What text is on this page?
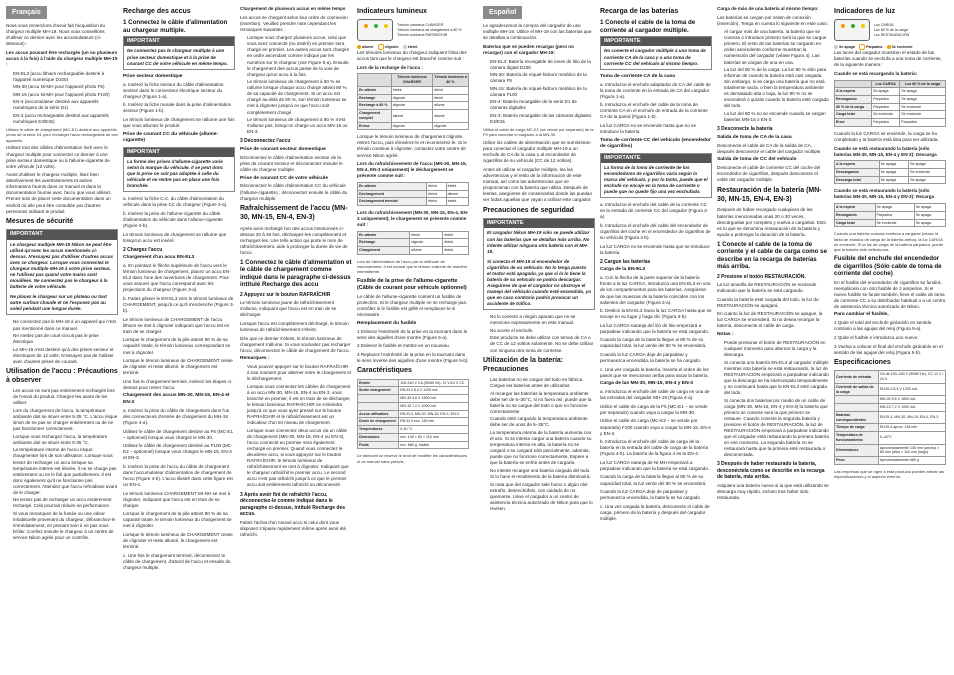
Français

Nous vous remercions d'avoir fait l'acquisition du chargeur multiple MH-19. Nous vous conseillons d'utiliser ce dernier avec les accumulateurs (ci-dessous) :

Les accus pouvant être rechargés (un ou plusieurs accus à la fois) à l'aide du chargeur multiple MH-19 :

• EN-EL3 (accu lithium rechargeable destiné à l'appareil numérique D100)
• MN-30 (accu Ni-MH pour l'appareil photo F5)
• MN-15 (accu Ni-MH pour l'appareil photo F100)
• EN-4 (accumulateur destiné aux appareils numériques de la série D1)
• EN-3 (accu rechargeable destiné aux appareils numériques E3/E3s)

Utilisez le câble de chargement (MC-E1) destiné aux appareils photo de la série D1 pour recharger l'accu rechargeable de ces appareils.

Utilisez tout des câbles d'alimentation livré avec le chargeur multiple pour connecter ce dernier à une prise secteur domestique ou à l'allume-cigarette de votre véhicule (12 volts).

Avant d'utiliser le chargeur multiple, lisez bien attentivement les avertissements et autres informations fournis dans ce manuel et dans la documentation fournie avec l'accu que vous utilisez. Prenez soin de placer cette documentation dans un endroit où elle peut être consultée par d'autres personnes utilisant le produit.

Mesures de sécurité
IMPORTANT
Le chargeur multiple MH-19 Nikon ne peut être utilisé qu'avec les accus mentionnés ci-dessus. N'essayez pas d'utiliser d'autres accus avec ce chargeur. Lorsque vous connectez le chargeur multiple MH-19 à votre prise secteur, ne l'utilisez pas quand votre mains sont mouillées. Ne connectez pas le chargeur à la batterie de votre véhicule.
Ne placez le chargeur sur un plateau ou tout autre surface chaude et ne l'exposez pas au soleil pendant une longue durée.
• Ne connectez pas le MH-19 à un appareil qui n'est pas mentionné dans ce manuel.
• Ne mettez pas de court-circuit pas le prise électrique.
• Le MH-19 n'est destiné qu'à des prises secteur et électriques de 12 volts. N'essayez pas de l'utiliser avec d'autres prises de courant.
Utilisation de l'accu : Précautions à observer
• Les accus ne sont pas entièrement rechargés lors de l'envoi du produit. Chargez-les avant de les utiliser.
• Lors du chargement de l'accu, la température ambiante doit se situer entre 5-35 °C. L'accu risque sinon de ne pas se charger entièrement ou de ne pas fonctionner correctement.
• Lorsque vous rechargez l'accu, la température ambiante doit se situer entre 5-35 °C.
• La température interne de l'accu risque d'augmenter lors de son utilisation. Lorsque vous tentez de recharger un accu lorsque sa température interne est élevée, il ne se charge pas entièrement ou ne le fait que partiellement. Il est donc également qu'il ne fonctionne pas correctement. Attendez que l'accu refroidisse avant de le charger.
• Ne tentez pas de recharger un accu entièrement rechargé. Cela pourrait réduire sa performance.
• Si vous remarquez de la fumée ou une odeur inhabituelle provenant du chargeur, débranchez-le immédiatement, en prenant soin à ne pas vous brûler. Confiez ensuite le chargeur à un centre de service Nikon agréé pour un contrôle.
Recharge des accus
1 Connectez le câble d'alimentation au chargeur multiple.
IMPORTANT
Ne connectez pas le chargeur multiple à une prise secteur domestique et à la prise de courant CC de votre véhicule en même temps.
Prise secteur domestique

a. Insérez la fiche secteur du câble d'alimentation secteur dans le connecteur électrique secteur du chargeur (Figure 1-a).

b. Insérez la fiche murale dans la prise d'alimentation secteur (Figure 1-b).

Le témoin lumineux de chargement se rallume une fois que vous allumez le produit.

Prise de courant CC du véhicule (allume-cigarette)
IMPORTANT
La forme des prises d'allume-cigarette varie selon la marque du véhicule. Il se peut donc que la prise ne soit pas adaptée à celle du véhicule et ne rentre pas en place une fois branchée.

a. Insérez la fiche C.C. du câble d'alimentation du véhicule dans la prise CC du chargeur (Figure 2-a).

b. Insérez la prise de l'allume-cigarette du câble d'alimentation du véhicule dans l'allume-cigarette (Figure 2-b).

Le témoin lumineux de chargement se rallume que lorsqu'un accu est inséré.

2 Chargez l'accu
Chargement d'un accu EN-EL3

a. En pointant le flèche supérieure de l'accu vers le témoin lumineux de chargement, placez un accu EN-EL3 dans l'une des ouvertures de chargement. Pour vous assurer que l'accu correspond avec les projections du chargeur (Figure 3-a).

b. Faites glisser le EN-EL3 vers le témoin lumineux de CHARGEMENT, jusqu'à ce qu'il s'enclenche (Figure 3-b).

Le témoin lumineux de CHARGEMENT de l'accu lithium se met à clignoter indiquant que l'accu est en train de se charger.

Lorsque le chargement de la pile atteint 80 % de sa capacité totale, le témoin lumineux correspondant se met à clignoter.

Lorsque le témoin lumineux de CHARGEMENT cesse de clignoter et reste allumé, le chargement est terminé.

Une fois le chargement terminé, insérez les étapes ci-dessus pour retirer l'accu.

Chargement des accus MN-30, MN-15, EN-4 et EN-3

a. Insérez la prise du câble de chargement dans l'un des connecteurs d'entrée de chargement du MH-19 (Figure 4-a).

Utilisez le câble de chargement destiné au F5 (MC-E1 – optionnel) lorsque vous chargez le MN-30.

Utilisez le câble de chargement destiné au F100 (MC-E2 – optionnel) lorsque vous chargez le MN-15, EN-4 et EN-3.

b. Insérez la prise de l'accu du câble de chargement dans l'accumulateur d'alimentation de chargement de l'accu (Figure 4-b). L'accu illustré dans cette figure est un EN-4.

Le témoin lumineux CHARGEMENT MI-NH se met à clignoter, indiquant que l'accu est en train de se charger.

Lorsque le chargement de la pile atteint 80 % de sa capacité totale, le témoin lumineux du chargement se met à clignoter.

Lorsque le témoin lumineux de CHARGEMENT cesse de clignoter et reste allumé, le chargement est terminé.

c. Une fois le chargement terminé, déconnectez le câble de chargement, d'abord de l'accu et ensuite du chargeur multiple.

Chargement de plusieurs accus en même temps

Les accus se chargent selon leur ordre de connexion (insertion). Veuillez prendre note cependant les remarques suivantes :

• Lorsque vous chargez plusieurs accus, celui que vous avez connecté (ou inséré) en premier sera chargé en premier. Les autres accus sont chargés en ordre ascendant comme indiqué par les numéros sur le chargeur (voir Figure 5-a). Ensuite, le chargement des accus passe de la voie de chargeur qu'un accu à la fois.
• Le témoin lumineux de chargement à 80 % se rallume lorsque chaque accu chargé atteint 80 % de sa capacité de chargement. Si un accu est chargé au-delà de 80 %, son témoin lumineux se met à clignoter jusqu'à ce que l'accu soit complètement chargé.
• Le témoin lumineux de chargement à 80 % n'est s'allume pas, lorsqu'on charge un accu MN-15 ou EN-3.
3 Déconnectez l'accu
Prise de courant secteur domestique

Déconnectez le câble d'alimentation secteur de la prise de courant secteur et déconnectez ensuite le câble du chargeur multiple.

Prise de courant CC de votre véhicule

Déconnectez le câble d'alimentation CC du véhicule (l'allume-cigarette) ; déconnectez ensuite le câble du chargeur multiple.

Rafraîchissement de l'accu (MN-30, MN-15, EN-4, EN-3)

Après avoir rechargé l'un des accus mentionnés ci-dessus 20 à 30 fois, déchargez-les complètement et rechargez-les. Une telle action qui porte le nom de rafraîchissement, aide à prolonger la durée de vie de l'accu.

1 Connectez le câble d'alimentation et le câble de chargement comme indiqué dans le paragraphe ci-dessus intitulé Recharge des accu
2 Appuyez sur le bouton RAFRAÎCHIR

Le témoin lumineux jaune de rafraîchissement s'allume, indiquant que l'accu est en train de se décharger.

Lorsque l'accu est complètement déchargé, le témoin lumineux de rafraîchissement s'éteint.

Dès que ce dernier s'éteint, le témoin lumineux de chargement s'allume. Si vous souhaitez pas recharger l'accu, déconnectez le câble de chargement de l'accu.

Remarques :
• Vous pouvez appuyer sur le bouton RAFRAÎCHIR à tout moment pour alterner entre le chargement et le déchargement.
• Lorsque vous connectez les câbles de chargement à un accu MN-30, MN-15, EN-4 ou EN-3, vous branché en premier, il est en train de se décharger, le témoin lumineux RAFRAÎCHIR ne s'éteindra jusqu'à ce que vous ayez pressé sur le bouton RAFRAÎCHIR et le rafraîchissement est un indicateur d'un tel niveau de chargement.
• Lorsque vous connectez deux accus via un câble de chargement (MN-30, MN-15, EN-4 ou EN-3), l'accu connecté en premier sera également rechargé en premier. Quand vous connectez le deuxième accu, si vous appuyez sur le bouton RAFRAÎCHIR, le témoin lumineux de rafraîchissement se met à clignoter. Indiquant que le chargeur rafraîchit le premier accu. Le second accu n'est pas rafraîchi jusqu'à ce que le premier accu soit entièrement rafraîchi ou déconnecté.
3 Après avoir fini de rafraîchir l'accu, déconnectez-le comme indiqué dans le paragraphe ci-dessus, intitulé Recharge des accus.

Faites l'achat d'un nouvel accu si celui dont vous disposez s'épuise rapidement même après avoir été rafraîchi.

Indicateurs lumineux
Témoin lumineux CHARGER
Témoin lumineux de chargement à 80 %
Témoin lumineux RAFRAÎCHIR
allumé	clignote	éteint

Les témoins lumineux du chargeur indiquent l'état des accus tant que le chargeur est branché comme suit :

Lors de la recharge de l'accu :

	Témoin lumineux CHARGER	Témoin lumineux à 80 %
En attente	éteint	éteint
Recharge	clignote	éteint
Recharge à 80 %	clignote	allumé
Chargement complet	allumé	allumé
Erreur	clignote	clignote

Lorsque le témoin lumineux de chargement clignote, retirez l'accu, puis réinsérez-le et reconnectez-le. Si le témoin continue à clignoter, contactez votre centre de service Nikon agréé.

Lors du rafraîchissement de l'accu (MN-30, MN-15, EN-4, EN-3 uniquement) le déchargement se présente comme suit :

En attente	éteint	éteint
Déchargement	éteint	allumé
Déchargement terminé	éteint	éteint

Lors du rafraîchissement (MN-30, MN-15, EN-4, EN-3 uniquement), le chargement se présente comme suit :

En attente	éteint	éteint
Recharge	clignote	éteint
Chargement	allumé	éteint

Lors de l'alimentation de l'accu par la méthode de raccordement, il est normal que le témoin s'allume de manière intermittente.

Fusible de la prise de l'allume-cigarette (Câble de courant pour véhicule optionnel)

Le câble de l'allume-cigarette contient un fusible de protection. Si le chargeur multiple ne se recharge pas, contrôlez si le fusible est grillé et remplacez-le si nécessaire.

Remplacement du fusible

1 Enlevez l'extrémité de la prise en la tournant dans le sens des aiguilles d'une montre (Figure 5-a).

2 Enlevez le fusible et mettez-en un nouveau.

3 Replacez l'extrémité de la prise en la tournant dans le sens inverse des aiguilles d'une montre (Figure 5-b).

Caractéristiques
Entrée	100-240 V CA (50/60 Hz), 12 V/24 V CC
Sortie chargement	EN-EL3 8,4 V 1200 mA
	MN-30 9,6 V 1800 mA
	MN-15 7,2 V 1000 mA
Accus utilisables	EN-EL3, MN-30, MN-15, EN-4, EN-3
Durée de chargement	EN-EL3 env. 135 min
Températures	0-40 °C
Dimensions	env. 145 × 83 × 116 mm
Poids	env. 680 g, fusible

Le fabricant se réserve le droit de modifier les caractéristiques et ce manuel sans préavis.

Español

Le agradecemos la compra del cargador de uso múltiple MH-19. Utilice el MH-19 con las baterías que se detallan a continuación.

Baterías que se pueden recargar (pero no recargar) con el cargador MH-19:

• EN-EL3: Batería recargable de iones de litio de la cámara digital D100
• MN-30: Batería de níquel-hidruro metálico de la cámara F5
• MN-15: Batería de níquel-hidruro metálico de la cámara F100
• EN-4: Batería recargable de la serie D1 de cámaras digitales
• EN-3: Batería recargable de las cámaras digitales E3/E3s

Utilice el cable de carga MC-E1 (se vende por separado) de la F5 para conectar el cargador a la MN-30.

Utilice los cables de alimentación que se suministran para conectar el cargador múltiple MH-19 a un enchufe de CA de la casa o al encendedor de cigarrillos de su vehículo (CC de 12 voltios).

Antes de utilizar el cargador múltiple, lea las advertencias y el resto de la información de este manual, así como las advertencias que se proporcionan con la batería que utiliza. Después de leerlas, asegúrese de conservarlas donde las puedan ver todas aquellas que vayan a utilizar este cargador.

Precauciones de seguridad
IMPORTANTE
El cargador Nikon MH-19 sólo se puede utilizar con las baterías que se detallan más arriba. No intente utilizar ninguna otra batería con el MH-19.
Si conecta el MH-19 al encendedor de cigarrillos de su vehículo: No lo tenga puesto el motor está apagado, ya que si la lo tiene la batería de su vehículo se podría descargar. Asegúrese de que el cargador no obstruye el manejo del vehículo cuando esté encendido, ya que en caso contrario podría provocar un accidente de tráfico.
• No lo conecte a ningún aparato que no se mencione expresamente en este manual.
• No acorte el enchufe.
• Este producto se debe utilizar con tomas de CA o de CC de 12 voltios solamente. No se debe utilizar con ninguna otra toma de corriente.
Utilización de la batería: Precauciones
• Las baterías no se cargan del todo en fábrica. Cargue las baterías antes de utilizarlas.
• Al recargar las baterías la temperatura ambiente debe ser de 5–35°C, si no fuera así, puede que la batería no se cargue del todo o que no funcione correctamente.
• Cuando esté cargando la temperatura ambiente debe ser de unos de 5–35°C.
• La temperatura interna de la batería aumenta con el uso. Si se intenta cargar una batería cuando su temperatura interna es alta, la batería no se cargará o se cargará sólo parcialmente, además, puede que no funcione correctamente. Espere a que la batería se enfríe antes de cargarla.
• No intente recargar una batería cargada del todo. Si lo hace el rendimiento de la batería disminuirá.
• Si nota que del cargador sale humo o algún olor extraño, desenchúfelo, con cuidado de no quemarse. Lleve el cargador a un centro de asistencia técnica autorizado de Nikon para que lo revisen.
Recarga de las baterías
1 Conecte el cable de la toma de corriente al cargador múltiple.
IMPORTANTE
No conecte el cargador múltiple a una toma de corriente CA de la casa y a una toma de corriente CC del vehículo al mismo tiempo.
Toma de corriente CA de la casa

a. Introduzca el enchufe adaptador de CA del cable de la toma de corriente en la entrada de CA del cargador (Figura 1-a).

b. Introduzca el enchufe del cable de la toma de corriente CA en el enchufe de entrada de la corriente CA de la pared (Figura 1-b).

La luz CARGA no se enciende hasta que no se introduce la batería.

Toma de corriente CC del vehículo (encendedor de cigarrillos)
IMPORTANTE
La forma de la toma de corriente de los encendedores de cigarrillos varía según la marca del vehículo, y por lo tanto, puede que el enchufe no encaje en la toma de corriente o puede que no quede fijo una vez enchufado.

a. Introduzca el enchufe del cable de la corriente CC en la entrada de corriente CC del cargador (Figura 2-a).

b. Introduzca el enchufe del cable del encendedor de cigarrillos del coche en el encendedor de cigarrillos de su vehículo (Figura 2-b).

La luz CARGA no se enciende hasta que se introduce la batería.

2 Cargue las baterías
Carga de la EN-EL3

a. Con la flecha de la parte superior de la batería frente a la luz CARGA, introduzca una EN-EL3 en una de los compartimentos para las baterías. Asegúrese de que las muescas de la batería coinciden con los salientes del cargador (Figura 3-a).

b. Deslice la EN-EL3 hacia la luz CARGA hasta que se encaje en su lugar y haga clic (Figura 3-b).

La luz CARGA naranja del ión de litio empezará a parpadear indicando que la batería se está cargando.

Cuando la carga de la batería llegue al 80 % de su capacidad total, la luz verde del 80 % se encenderá.

Cuando la luz CARGA deje de parpadear y permanezca encendida, la batería se ha cargado.

c. Una vez cargada la batería, invierta el orden de los pasos que se mencionan arriba para sacar la batería.

Carga de las MN-30, MN-15, EN-4 y EN-3

a. Introduzca el enchufe del cable de carga en una de las entradas del cargador MH-19 (Figura 4-a).

Utilice el cable de carga de la F5 (MC-E1 – se vende por separado) cuando vaya a cargar la MN-30.

Utilice el cable de carga (MC-E2 – se vende por separado) F100 cuando vaya a cargar la MN-15, EN-4 y EN-3.

b. Introduzca el enchufe del cable de carga de la batería en la entrada del cable de carga de la batería (Figura 4-b). La batería de la figura 4 es la EN-4.

La luz CARGA naranja de Ni-MH empezará a parpadear indicando que la batería se está cargando.

Cuando la carga de la batería llegue al 80 % de su capacidad total, la luz verde del 80 % se encenderá.

Cuando la luz CARGA deje de parpadear y permanezca encendida, la batería se ha cargado.

c. Una vez cargada la batería, desconecte el cable de carga, primero de la batería y después del cargador múltiple.

Carga de más de una batería al mismo tiempo:

Las baterías se cargan por orden de conexión (inserción). Tenga en cuenta lo siguiente en este caso:

• Al cargar más de una batería, la batería que se conecta o introduce primero será la que se cargue primero. El resto de las baterías se cargarán en orden ascendente conforme muestran la numeración del cargador (véase Figura 4). Las baterías se cargan de una en una.
• La luz del 80 % de la carga: La luz 80 % sólo para informar de cuando la batería está casi cargada. Sin embargo, si se carga una batería que no está totalmente vacía, o bien la temperatura ambiente es demasiado alta o baja, la luz 80 % no se encenderá o quizás cuando lo batería esté cargada del todo.
• La luz del 80 % no se enciende cuando se cargan baterías MN-15 o EN-3.
3 Desconecte la batería
Salida de toma de CA de la casa

Desconecte el cable de CA de la salida de CA, después desconecte el cable del cargador múltiple.

Salida de toma de CC del vehículo

Desconecte el cable de corriente CC del coche del encendedor de cigarrillos, después desconecte el cable del cargador múltiple.

Restauración de la batería (MN-30, MN-15, EN-4, EN-3)

Después de haber recargado cualquiera de las baterías mencionadas unas 20 o 30 veces, descárguelas por completo y vuelva a cargarlas. Esto es lo que se denomina restauración de la batería y ayuda a prolongar la duración de la batería.

1 Conecte el cable de la toma de corriente y el cable de carga como se describe en la recarga de baterías más arriba.
2 Presione el botón RESTAURACIÓN.

La luz amarilla de RESTAURACIÓN se enciende indicando que la batería se está cargando.

Cuando la batería esté cargada del todo, la luz de RESTAURACIÓN se apagará.

En cuanto la luz de RESTAURACIÓN se apague, la luz CARGA se encenderá. Si no desea recargar la batería, desconecte el cable de carga.

Notas :
• Puede presionar el botón de RESTAURACIÓN en cualquier momento para alternar la carga y la descarga.
• Si conecta una batería EN-EL3 al cargador múltiple mientras otra batería se está restaurando, la luz de RESTAURACIÓN empezará a parpadear indicando que la descarga se ha interrumpido temporalmente y no continuará hasta que la EN-EL3 esté cargada del todo.
• Si conecta dos baterías por medio de un cable de carga (MN-30, MN-15, EN-4 y EN-3) la batería que primero se conecte será la que primero se restaure. Cuando conecte la segunda batería y presione el botón de RESTAURACIÓN, la luz de RESTAURACIÓN empezará a parpadear indicando que el cargador está restaurando la primera batería en ese momento. La segunda batería no se restaurará hasta que la primera esté restaurada o desconectada.
3 Después de haber restaurado la batería, desconéctela como se describe en la recarga de batería, más arriba.

Adquiera una batería nueva si la que está utilizando se descarga muy rápido, incluso tras haber sido restaurada.

Indicadores de luz
Luz CARGA
Luz 80 % de la carga
Luz RESTAURACIÓN
Se apaga	Parpadea	Se enciende

Las luces del cargador muestran el estado de las baterías cuando se enchufa a una toma de corriente, de la siguiente manera:

Cuando se está recargando la batería:

	Luz CARGA	Luz 80 % de la carga
A la espera	Se apaga	Se apaga
Recargando	Parpadea	Se apaga
80 % de la carga	Parpadea	Se enciende
Carga total	Se enciende	Se enciende
Error	Parpadea	Parpadea

Cuando la luz CARGA se enciende, la carga se ha completado y la batería está lista para ser utilizada.

Cuando se está restaurando la batería (sólo baterías MN-30, MN-15, EN-4 y EN-3): Descarga

A la espera	Se apaga	Se apaga
Descargando	Se apaga	Se enciende
Descarga total	Se apaga	Se apaga

Cuando se está restaurando la batería (sólo baterías MN-30, MN-15, EN-4 y EN-3): Recarga

A la espera	Se apaga	Se apaga
Recargando	Parpadea	Se apaga
Carga total	Se enciende	Se apaga

Cuando una batería conecta continúa a cargarse (véase la tabla de estados de carga de la batería arriba), la luz CARGA se enciende. Si la luz de carga de la batería parpadea, puede que la batería esté defectuosa.

Fusible del enchufe del encendedor de cigarrillos (Sólo cable de toma de corriente del coche)

En el fusible del encendedor de cigarrillos se fundirá, reemplácelo con otro fusible de 2 amperios. Si el nuevo fusible se funde también, lleve el cable de toma de corriente CC a su distribuidor habitual o a un centro de asistencia técnica autorizado de Nikon.

Para cambiar el fusible,

1 Quite el total del enchufe girándolo en sentido contrario a las agujas del reloj (Figura 5-a).

2 Quite el fusible e introduzca uno nuevo.

3 Vuelva a colocar el final del enchufe girándolo en el sentido de las agujas del reloj (Figura 5-b).

Especificaciones
Corriente de entrada	CA de 100–240 V (50/60 Hz), CC 12 V / 24 V
Corriente de salida de la carga	EN-EL3 8,4 V 1200 mA
	MN-30 9,6 V 1800 mA
	MN-15 7,2 V 1000 mA
Baterías correspondientes	EN-EL3, MN-30, MN-15, EN-4, EN-3
Tiempo de carga	EN-EL3 aprox. 135 min
Temperatura de funcionamiento	0–40°C
Dimensiones	Aproximadamente 145 mm (ancho) × 83 mm (alto) × 116 mm (largo)
Peso	Aproximadamente 680 g

Las empresas que se rigen a esta producto pueden alterar las especificaciones y el aspecto externo.
